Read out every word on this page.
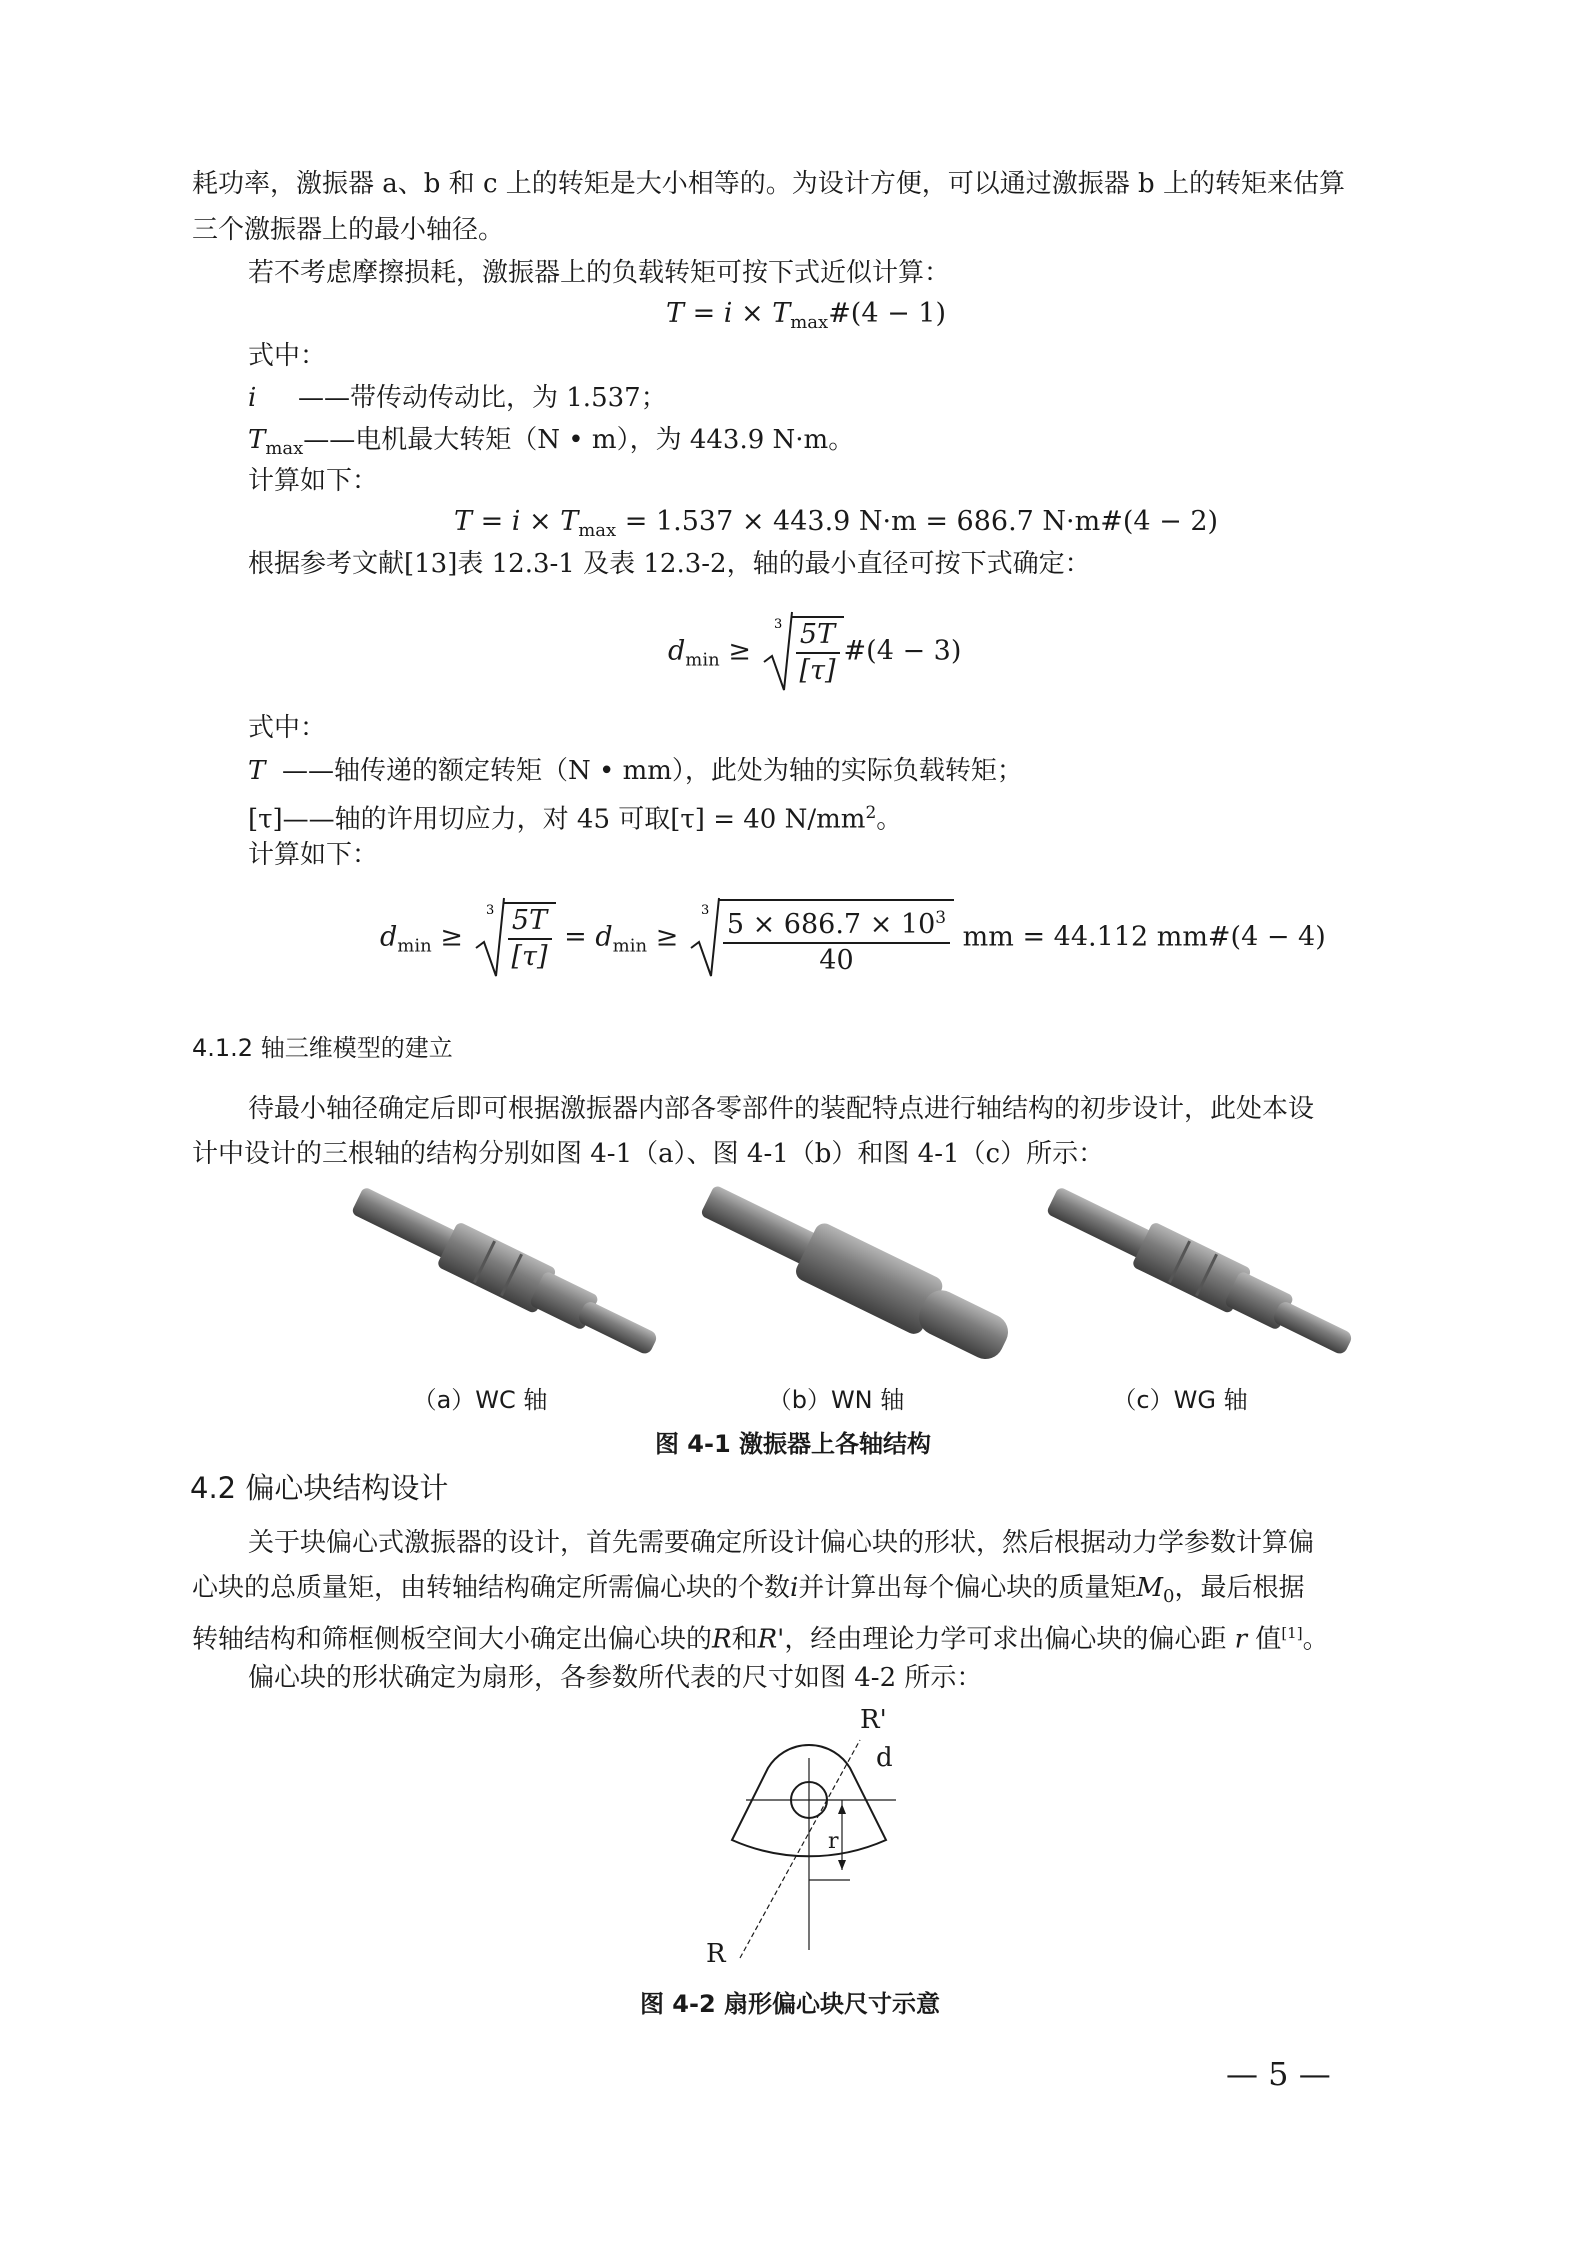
耗功率，激振器 a、b 和 c 上的转矩是大小相等的。为设计方便，可以通过激振器 b 上的转矩来估算
三个激振器上的最小轴径。
若不考虑摩擦损耗，激振器上的负载转矩可按下式近似计算：
$T = i \times T_{max}\#(4 - 1)$
式中：
i ——带传动传动比，为 1.537；
$T_{max}——$电机最大转矩（N • m），为 443.9 N·m。
计算如下：
$T = i \times T_{max} = 1.537 \times 443.9$ N·m = 686.7 N·m#(4 − 2)
根据参考文献[13]表 12.3-1 及表 12.3-2，轴的最小直径可按下式确定：
$d_{min}$ ≥
$3 \frac{5T}{[\tau]}$ #(4 − 3)
式中：
T ——轴传递的额定转矩（N • mm），此处为轴的实际负载转矩；
[τ]——轴的许用切应力，对 45 可取[τ] = 40 $N/mm^2$。
计算如下：
$d_{min}$ ≥
$3 \frac{5T}{[\tau]} = d_{min}$ ≥
$3 \frac{5 \times 686.7 \times 10^3}{40}$ mm = 44.112 mm#(4 − 4)
4.1.2 轴三维模型的建立
待最小轴径确定后即可根据激振器内部各零部件的装配特点进行轴结构的初步设计，此处本设
计中设计的三根轴的结构分别如图 4-1（a）、图 4-1（b）和图 4-1（c）所示：
（a）WC 轴	（b）WN 轴	（c）WG 轴
图 4-1 激振器上各轴结构
4.2 偏心块结构设计
关于块偏心式激振器的设计，首先需要确定所设计偏心块的形状，然后根据动力学参数计算偏
心块的总质量矩，由转轴结构确定所需偏心块的个数i并计算出每个偏心块的质量矩$M_0$，最后根据
转轴结构和筛框侧板空间大小确定出偏心块的R和R'，经由理论力学可求出偏心块的偏心距 r 值[1]。
偏心块的形状确定为扇形，各参数所代表的尺寸如图 4-2 所示：
R'
d
r
R
图 4-2 扇形偏心块尺寸示意
— 5 —
